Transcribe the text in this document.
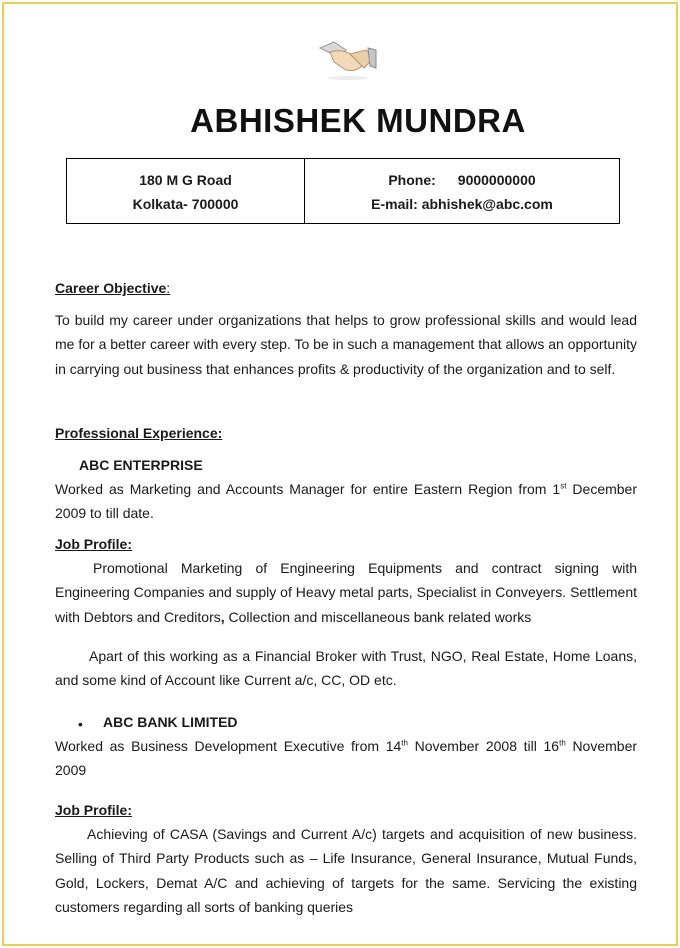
ABHISHEK MUNDRA
180 M G Road
Kolkata- 700000
Phone: 9000000000
E-mail: abhishek@abc.com
Career Objective:
To build my career under organizations that helps to grow professional skills and would lead me for a better career with every step. To be in such a management that allows an opportunity in carrying out business that enhances profits & productivity of the organization and to self.
Professional Experience:
ABC ENTERPRISE
Worked as Marketing and Accounts Manager for entire Eastern Region from 1st December 2009 to till date.
Job Profile:
Promotional Marketing of Engineering Equipments and contract signing with Engineering Companies and supply of Heavy metal parts, Specialist in Conveyers. Settlement with Debtors and Creditors, Collection and miscellaneous bank related works
Apart of this working as a Financial Broker with Trust, NGO, Real Estate, Home Loans, and some kind of Account like Current a/c, CC, OD etc.
• ABC BANK LIMITED
Worked as Business Development Executive from 14th November 2008 till 16th November 2009
Job Profile:
Achieving of CASA (Savings and Current A/c) targets and acquisition of new business. Selling of Third Party Products such as – Life Insurance, General Insurance, Mutual Funds, Gold, Lockers, Demat A/C and achieving of targets for the same. Servicing the existing customers regarding all sorts of banking queries
